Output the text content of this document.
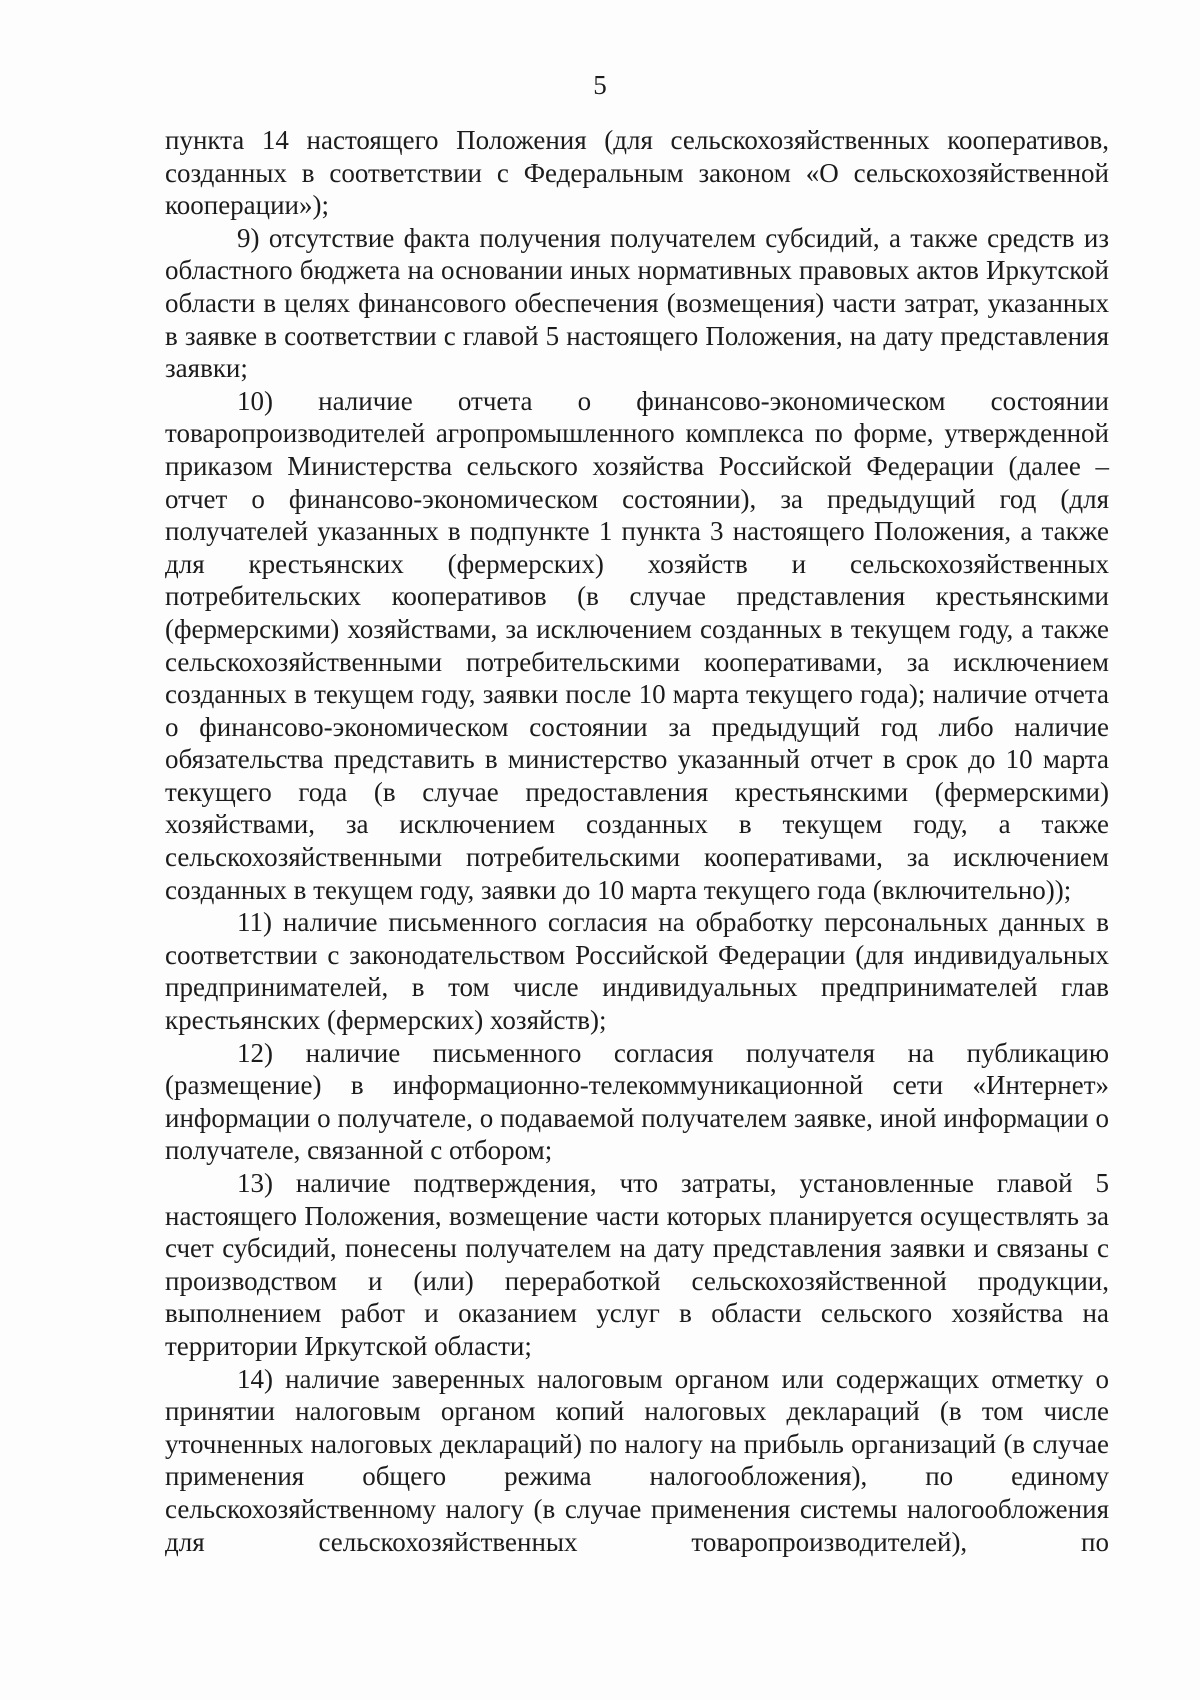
5

пункта 14 настоящего Положения (для сельскохозяйственных кооперативов, созданных в соответствии с Федеральным законом «О сельскохозяйственной кооперации»);

9) отсутствие факта получения получателем субсидий, а также средств из областного бюджета на основании иных нормативных правовых актов Иркутской области в целях финансового обеспечения (возмещения) части затрат, указанных в заявке в соответствии с главой 5 настоящего Положения, на дату представления заявки;

10) наличие отчета о финансово-экономическом состоянии товаропроизводителей агропромышленного комплекса по форме, утвержденной приказом Министерства сельского хозяйства Российской Федерации (далее – отчет о финансово-экономическом состоянии), за предыдущий год (для получателей указанных в подпункте 1 пункта 3 настоящего Положения, а также для крестьянских (фермерских) хозяйств и сельскохозяйственных потребительских кооперативов (в случае представления крестьянскими (фермерскими) хозяйствами, за исключением созданных в текущем году, а также сельскохозяйственными потребительскими кооперативами, за исключением созданных в текущем году, заявки после 10 марта текущего года); наличие отчета о финансово-экономическом состоянии за предыдущий год либо наличие обязательства представить в министерство указанный отчет в срок до 10 марта текущего года (в случае предоставления крестьянскими (фермерскими) хозяйствами, за исключением созданных в текущем году, а также сельскохозяйственными потребительскими кооперативами, за исключением созданных в текущем году, заявки до 10 марта текущего года (включительно));

11) наличие письменного согласия на обработку персональных данных в соответствии с законодательством Российской Федерации (для индивидуальных предпринимателей, в том числе индивидуальных предпринимателей глав крестьянских (фермерских) хозяйств);

12) наличие письменного согласия получателя на публикацию (размещение) в информационно-телекоммуникационной сети «Интернет» информации о получателе, о подаваемой получателем заявке, иной информации о получателе, связанной с отбором;

13) наличие подтверждения, что затраты, установленные главой 5 настоящего Положения, возмещение части которых планируется осуществлять за счет субсидий, понесены получателем на дату представления заявки и связаны с производством и (или) переработкой сельскохозяйственной продукции, выполнением работ и оказанием услуг в области сельского хозяйства на территории Иркутской области;

14) наличие заверенных налоговым органом или содержащих отметку о принятии налоговым органом копий налоговых деклараций (в том числе уточненных налоговых деклараций) по налогу на прибыль организаций (в случае применения общего режима налогообложения), по единому сельскохозяйственному налогу (в случае применения системы налогообложения для сельскохозяйственных товаропроизводителей), по
